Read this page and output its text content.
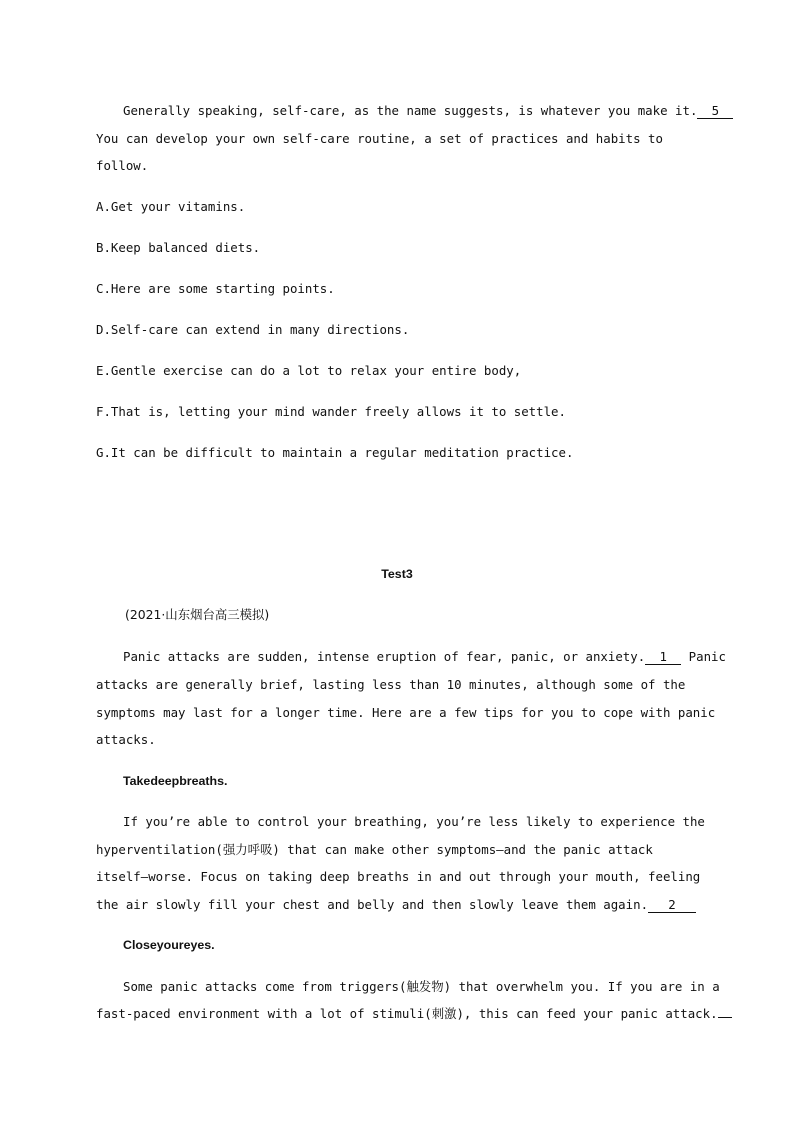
Generally speaking, self-care, as the name suggests, is whatever you make it. 5
You can develop your own self-care routine, a set of practices and habits to
follow.
A.Get your vitamins.
B.Keep balanced diets.
C.Here are some starting points.
D.Self-care can extend in many directions.
E.Gentle exercise can do a lot to relax your entire body,
F.That is, letting your mind wander freely allows it to settle.
G.It can be difficult to maintain a regular meditation practice.
Test3
(2021·山东烟台高三模拟)
Panic attacks are sudden, intense eruption of fear, panic, or anxiety. 1 Panic
attacks are generally brief, lasting less than 10 minutes, although some of the
symptoms may last for a longer time. Here are a few tips for you to cope with panic
attacks.
Takedeepbreaths.
If you’re able to control your breathing, you’re less likely to experience the
hyperventilation(强力呼吸) that can make other symptoms—and the panic attack
itself—worse. Focus on taking deep breaths in and out through your mouth, feeling
the air slowly fill your chest and belly and then slowly leave them again. 2
Closeyoureyes.
Some panic attacks come from triggers(触发物) that overwhelm you. If you are in a
fast-paced environment with a lot of stimuli(刺激), this can feed your panic attack.
